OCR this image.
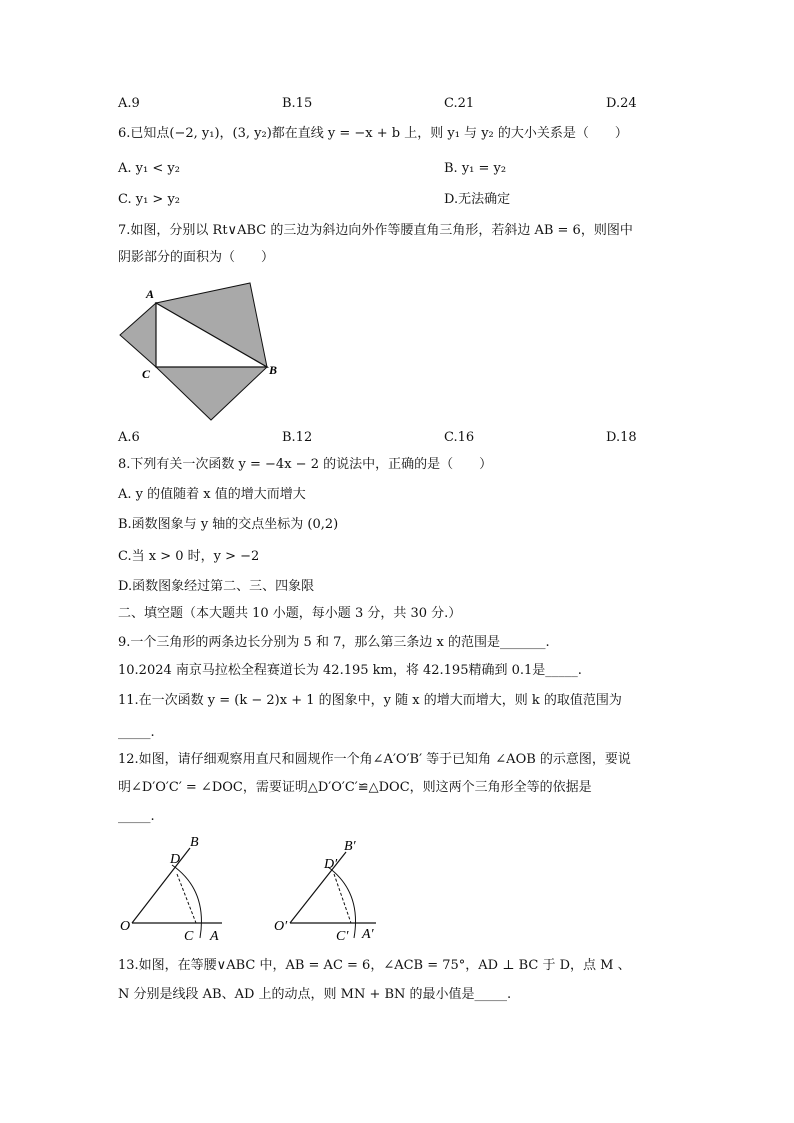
A.9	B.15	C.21	D.24
6.已知点(−2, y₁)，(3, y₂)都在直线 y = −x + b 上，则 y₁ 与 y₂ 的大小关系是（　　）
A. y₁ < y₂	B. y₁ = y₂
C. y₁ > y₂	D.无法确定
7.如图，分别以 Rt∨ABC 的三边为斜边向外作等腰直角三角形，若斜边 AB = 6，则图中
阴影部分的面积为（　　）
A
C	B
A.6	B.12	C.16	D.18
8.下列有关一次函数 y = −4x − 2 的说法中，正确的是（　　）
A. y 的值随着 x 值的增大而增大
B.函数图象与 y 轴的交点坐标为 (0,2)
C.当 x > 0 时，y > −2
D.函数图象经过第二、三、四象限
二、填空题（本大题共 10 小题，每小题 3 分，共 30 分.）
9.一个三角形的两条边长分别为 5 和 7，那么第三条边 x 的范围是_______.
10.2024 南京马拉松全程赛道长为 42.195 km，将 42.195精确到 0.1是_____.
11.在一次函数 y = (k − 2)x + 1 的图象中，y 随 x 的增大而增大，则 k 的取值范围为
_____.
12.如图，请仔细观察用直尺和圆规作一个角∠A′O′B′ 等于已知角 ∠AOB 的示意图，要说
明∠D′O′C′ = ∠DOC，需要证明△D′O′C′≌△DOC，则这两个三角形全等的依据是
_____.
O
C A
D
B
O′
C′ A′
D′
B′
13.如图，在等腰∨ABC 中，AB = AC = 6，∠ACB = 75°，AD ⊥ BC 于 D，点 M 、
N 分别是线段 AB、AD 上的动点，则 MN + BN 的最小值是_____.
